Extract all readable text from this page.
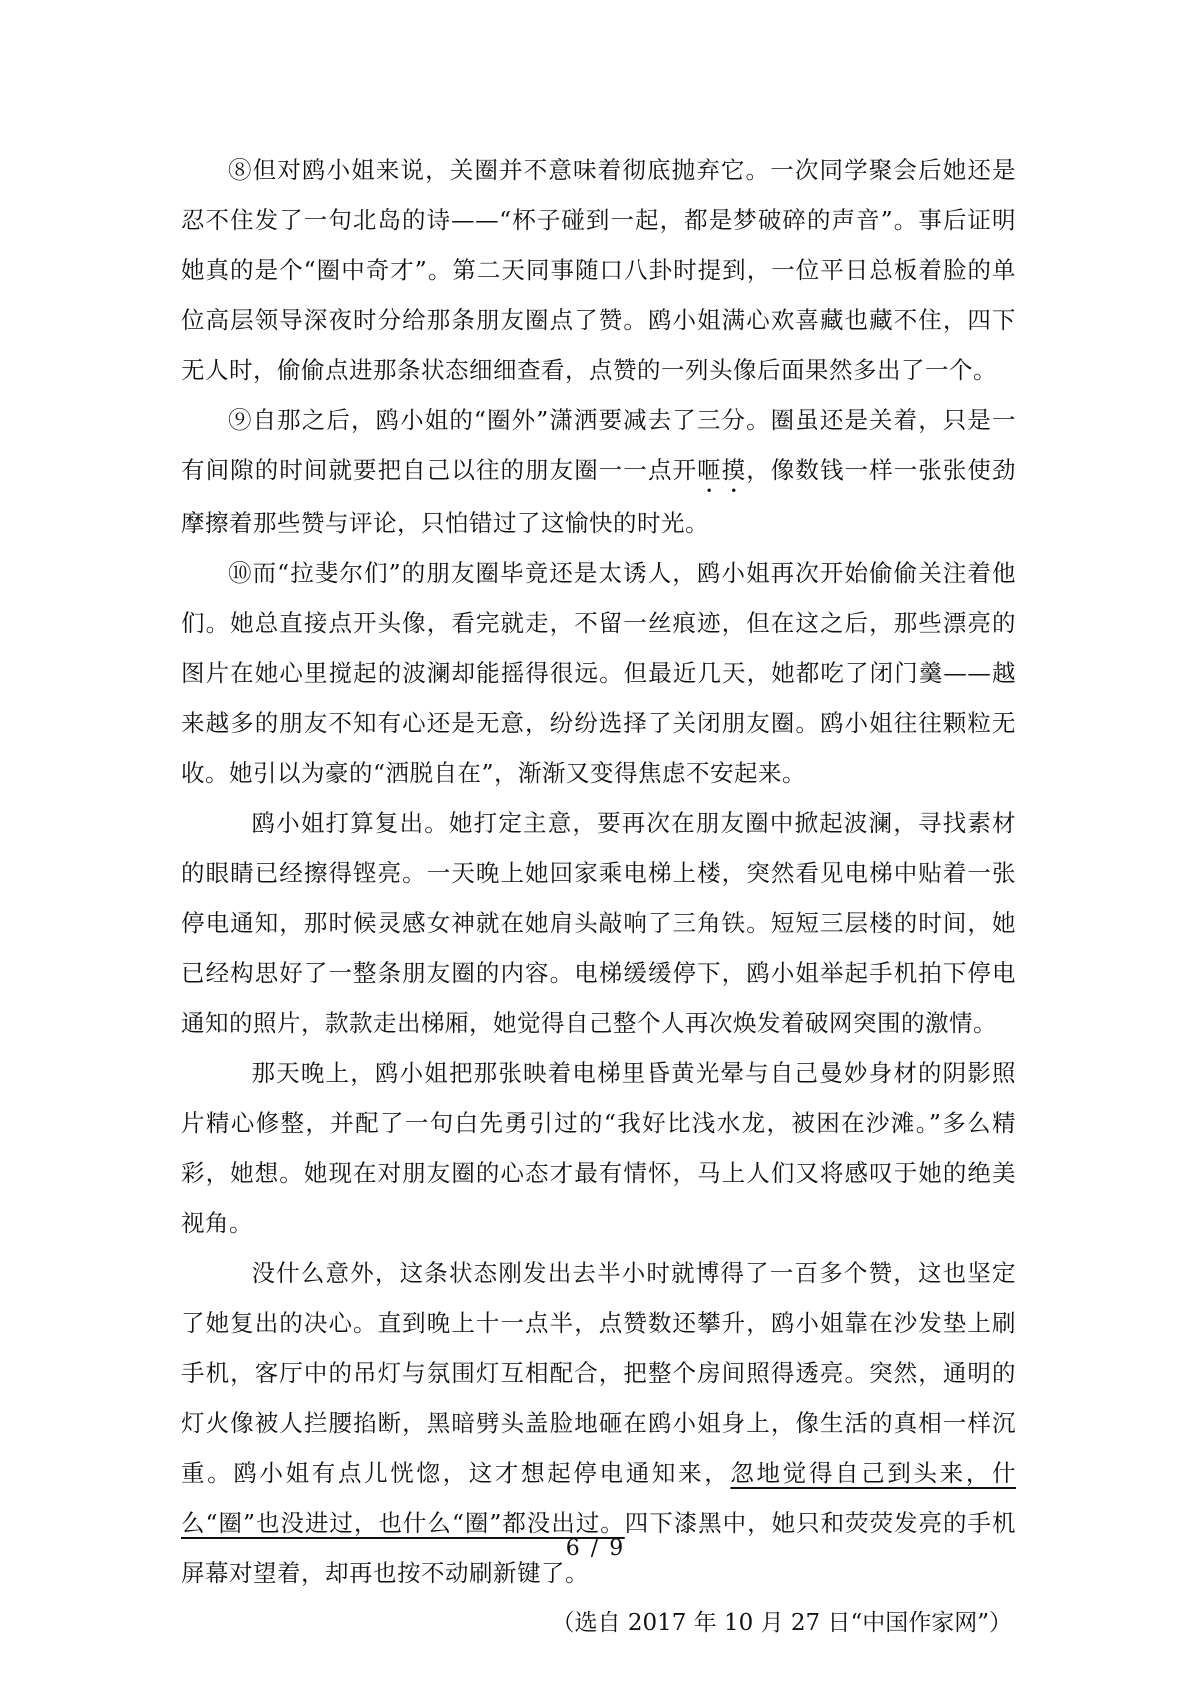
⑧但对鸥小姐来说，关圈并不意味着彻底抛弃它。一次同学聚会后她还是忍不住发了一句北岛的诗——“杯子碰到一起，都是梦破碎的声音”。事后证明她真的是个“圈中奇才”。第二天同事随口八卦时提到，一位平日总板着脸的单位高层领导深夜时分给那条朋友圈点了赞。鸥小姐满心欢喜藏也藏不住，四下无人时，偷偷点进那条状态细细查看，点赞的一列头像后面果然多出了一个。

⑨自那之后，鸥小姐的“圈外”潇洒要减去了三分。圈虽还是关着，只是一有间隙的时间就要把自己以往的朋友圈一一点开咂摸，像数钱一样一张张使劲摩擦着那些赞与评论，只怕错过了这愉快的时光。

⑩而“拉斐尔们”的朋友圈毕竟还是太诱人，鸥小姐再次开始偷偷关注着他们。她总直接点开头像，看完就走，不留一丝痕迹，但在这之后，那些漂亮的图片在她心里搅起的波澜却能摇得很远。但最近几天，她都吃了闭门羹——越来越多的朋友不知有心还是无意，纷纷选择了关闭朋友圈。鸥小姐往往颗粒无收。她引以为豪的“洒脱自在”，渐渐又变得焦虑不安起来。

鸥小姐打算复出。她打定主意，要再次在朋友圈中掀起波澜，寻找素材的眼睛已经擦得铿亮。一天晚上她回家乘电梯上楼，突然看见电梯中贴着一张停电通知，那时候灵感女神就在她肩头敲响了三角铁。短短三层楼的时间，她已经构思好了一整条朋友圈的内容。电梯缓缓停下，鸥小姐举起手机拍下停电通知的照片，款款走出梯厢，她觉得自己整个人再次焕发着破网突围的激情。

那天晚上，鸥小姐把那张映着电梯里昏黄光晕与自己曼妙身材的阴影照片精心修整，并配了一句白先勇引过的“我好比浅水龙，被困在沙滩。”多么精彩，她想。她现在对朋友圈的心态才最有情怀，马上人们又将感叹于她的绝美视角。

没什么意外，这条状态刚发出去半小时就博得了一百多个赞，这也坚定了她复出的决心。直到晚上十一点半，点赞数还攀升，鸥小姐靠在沙发垫上刷手机，客厅中的吊灯与氛围灯互相配合，把整个房间照得透亮。突然，通明的灯火像被人拦腰掐断，黑暗劈头盖脸地砸在鸥小姐身上，像生活的真相一样沉重。鸥小姐有点儿恍惚，这才想起停电通知来，忽地觉得自己到头来，什么“圈”也没进过，也什么“圈”都没出过。四下漆黑中，她只和荧荧发亮的手机屏幕对望着，却再也按不动刷新键了。

（选自 2017 年 10 月 27 日“中国作家网”）

6 / 9
